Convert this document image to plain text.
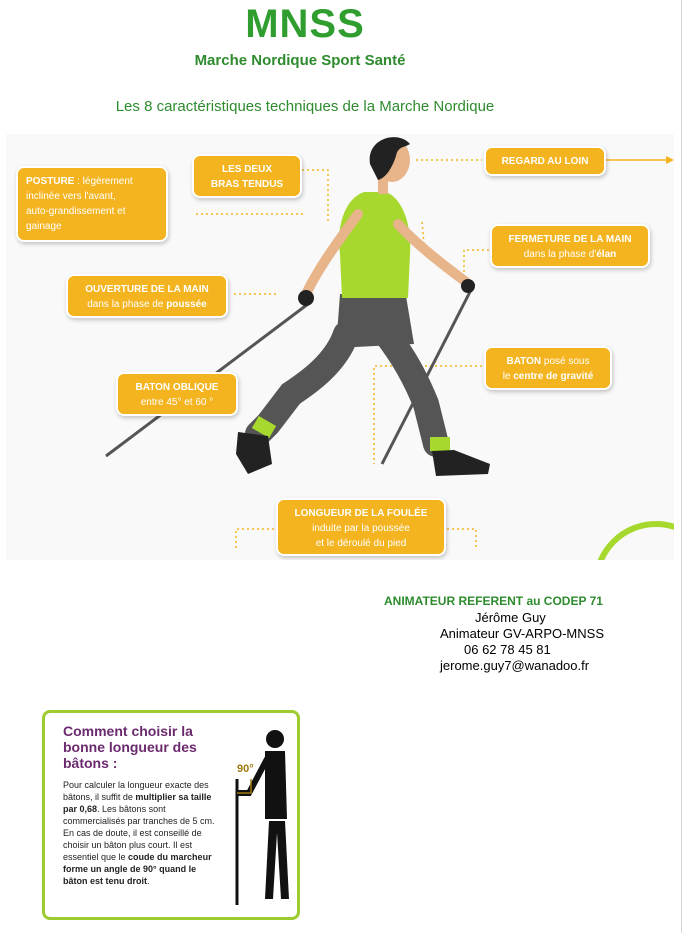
MNSS
Marche Nordique Sport Santé
Les 8 caractéristiques techniques de la Marche Nordique
POSTURE : légèrement
inclinée vers l'avant,
auto-grandissement et
gainage
LES DEUX
BRAS TENDUS
REGARD AU LOIN
FERMETURE DE LA MAIN
dans la phase d'élan
OUVERTURE DE LA MAIN
dans la phase de poussée
BATON posé sous
le centre de gravité
BATON OBLIQUE
entre 45° et 60 °
LONGUEUR DE LA FOULÉE
induite par la poussée
et le déroulé du pied
ANIMATEUR REFERENT au CODEP 71
Jérôme Guy
Animateur GV-ARPO-MNSS
06 62 78 45 81
jerome.guy7@wanadoo.fr
Comment choisir la bonne longueur des bâtons :
Pour calculer la longueur exacte des bâtons, il suffit de multiplier sa taille par 0,68. Les bâtons sont commercialisés par tranches de 5 cm. En cas de doute, il est conseillé de choisir un bâton plus court. Il est essentiel que le coude du marcheur forme un angle de 90° quand le bâton est tenu droit.
90°
